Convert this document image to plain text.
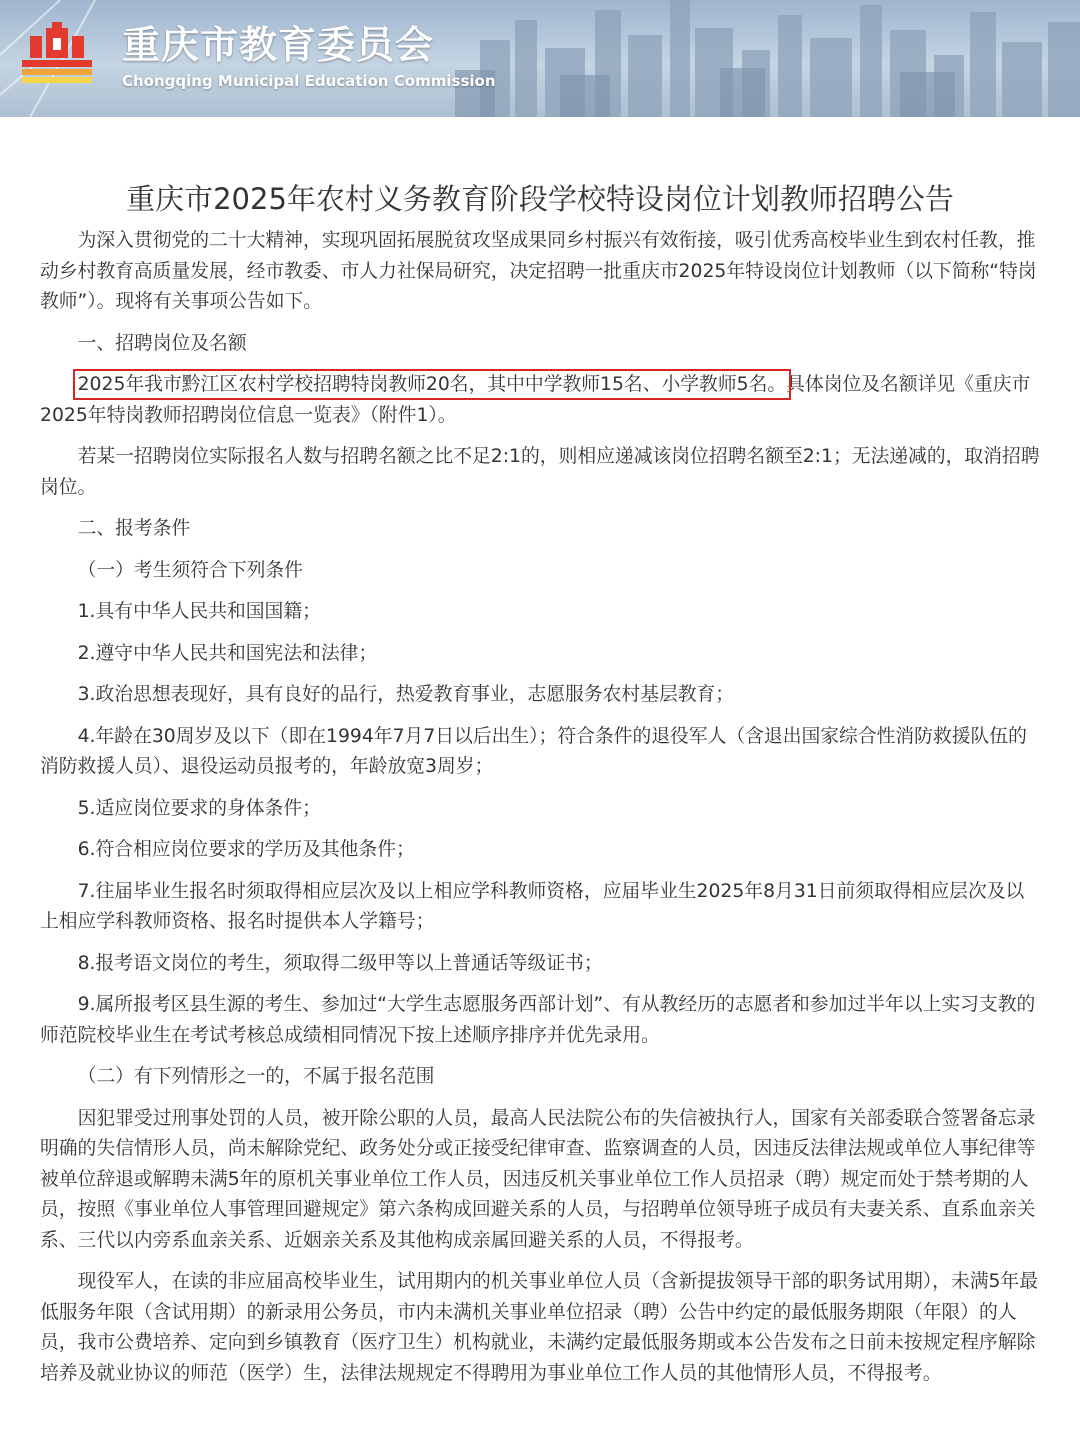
重庆市教育委员会
Chongqing Municipal Education Commission
重庆市2025年农村义务教育阶段学校特设岗位计划教师招聘公告

为深入贯彻党的二十大精神，实现巩固拓展脱贫攻坚成果同乡村振兴有效衔接，吸引优秀高校毕业生到农村任教，推动乡村教育高质量发展，经市教委、市人力社保局研究，决定招聘一批重庆市2025年特设岗位计划教师（以下简称“特岗教师”）。现将有关事项公告如下。

一、招聘岗位及名额

2025年我市黔江区农村学校招聘特岗教师20名，其中中学教师15名、小学教师5名。具体岗位及名额详见《重庆市2025年特岗教师招聘岗位信息一览表》（附件1）。

若某一招聘岗位实际报名人数与招聘名额之比不足2:1的，则相应递减该岗位招聘名额至2:1；无法递减的，取消招聘岗位。

二、报考条件

（一）考生须符合下列条件

1.具有中华人民共和国国籍；

2.遵守中华人民共和国宪法和法律；

3.政治思想表现好，具有良好的品行，热爱教育事业，志愿服务农村基层教育；

4.年龄在30周岁及以下（即在1994年7月7日以后出生）；符合条件的退役军人（含退出国家综合性消防救援队伍的消防救援人员）、退役运动员报考的，年龄放宽3周岁；

5.适应岗位要求的身体条件；

6.符合相应岗位要求的学历及其他条件；

7.往届毕业生报名时须取得相应层次及以上相应学科教师资格，应届毕业生2025年8月31日前须取得相应层次及以上相应学科教师资格、报名时提供本人学籍号；

8.报考语文岗位的考生，须取得二级甲等以上普通话等级证书；

9.属所报考区县生源的考生、参加过“大学生志愿服务西部计划”、有从教经历的志愿者和参加过半年以上实习支教的师范院校毕业生在考试考核总成绩相同情况下按上述顺序排序并优先录用。

（二）有下列情形之一的，不属于报名范围

因犯罪受过刑事处罚的人员，被开除公职的人员，最高人民法院公布的失信被执行人，国家有关部委联合签署备忘录明确的失信情形人员，尚未解除党纪、政务处分或正接受纪律审查、监察调查的人员，因违反法律法规或单位人事纪律等被单位辞退或解聘未满5年的原机关事业单位工作人员，因违反机关事业单位工作人员招录（聘）规定而处于禁考期的人员，按照《事业单位人事管理回避规定》第六条构成回避关系的人员，与招聘单位领导班子成员有夫妻关系、直系血亲关系、三代以内旁系血亲关系、近姻亲关系及其他构成亲属回避关系的人员，不得报考。

现役军人，在读的非应届高校毕业生，试用期内的机关事业单位人员（含新提拔领导干部的职务试用期），未满5年最低服务年限（含试用期）的新录用公务员，市内未满机关事业单位招录（聘）公告中约定的最低服务期限（年限）的人员，我市公费培养、定向到乡镇教育（医疗卫生）机构就业，未满约定最低服务期或本公告发布之日前未按规定程序解除培养及就业协议的师范（医学）生，法律法规规定不得聘用为事业单位工作人员的其他情形人员，不得报考。
